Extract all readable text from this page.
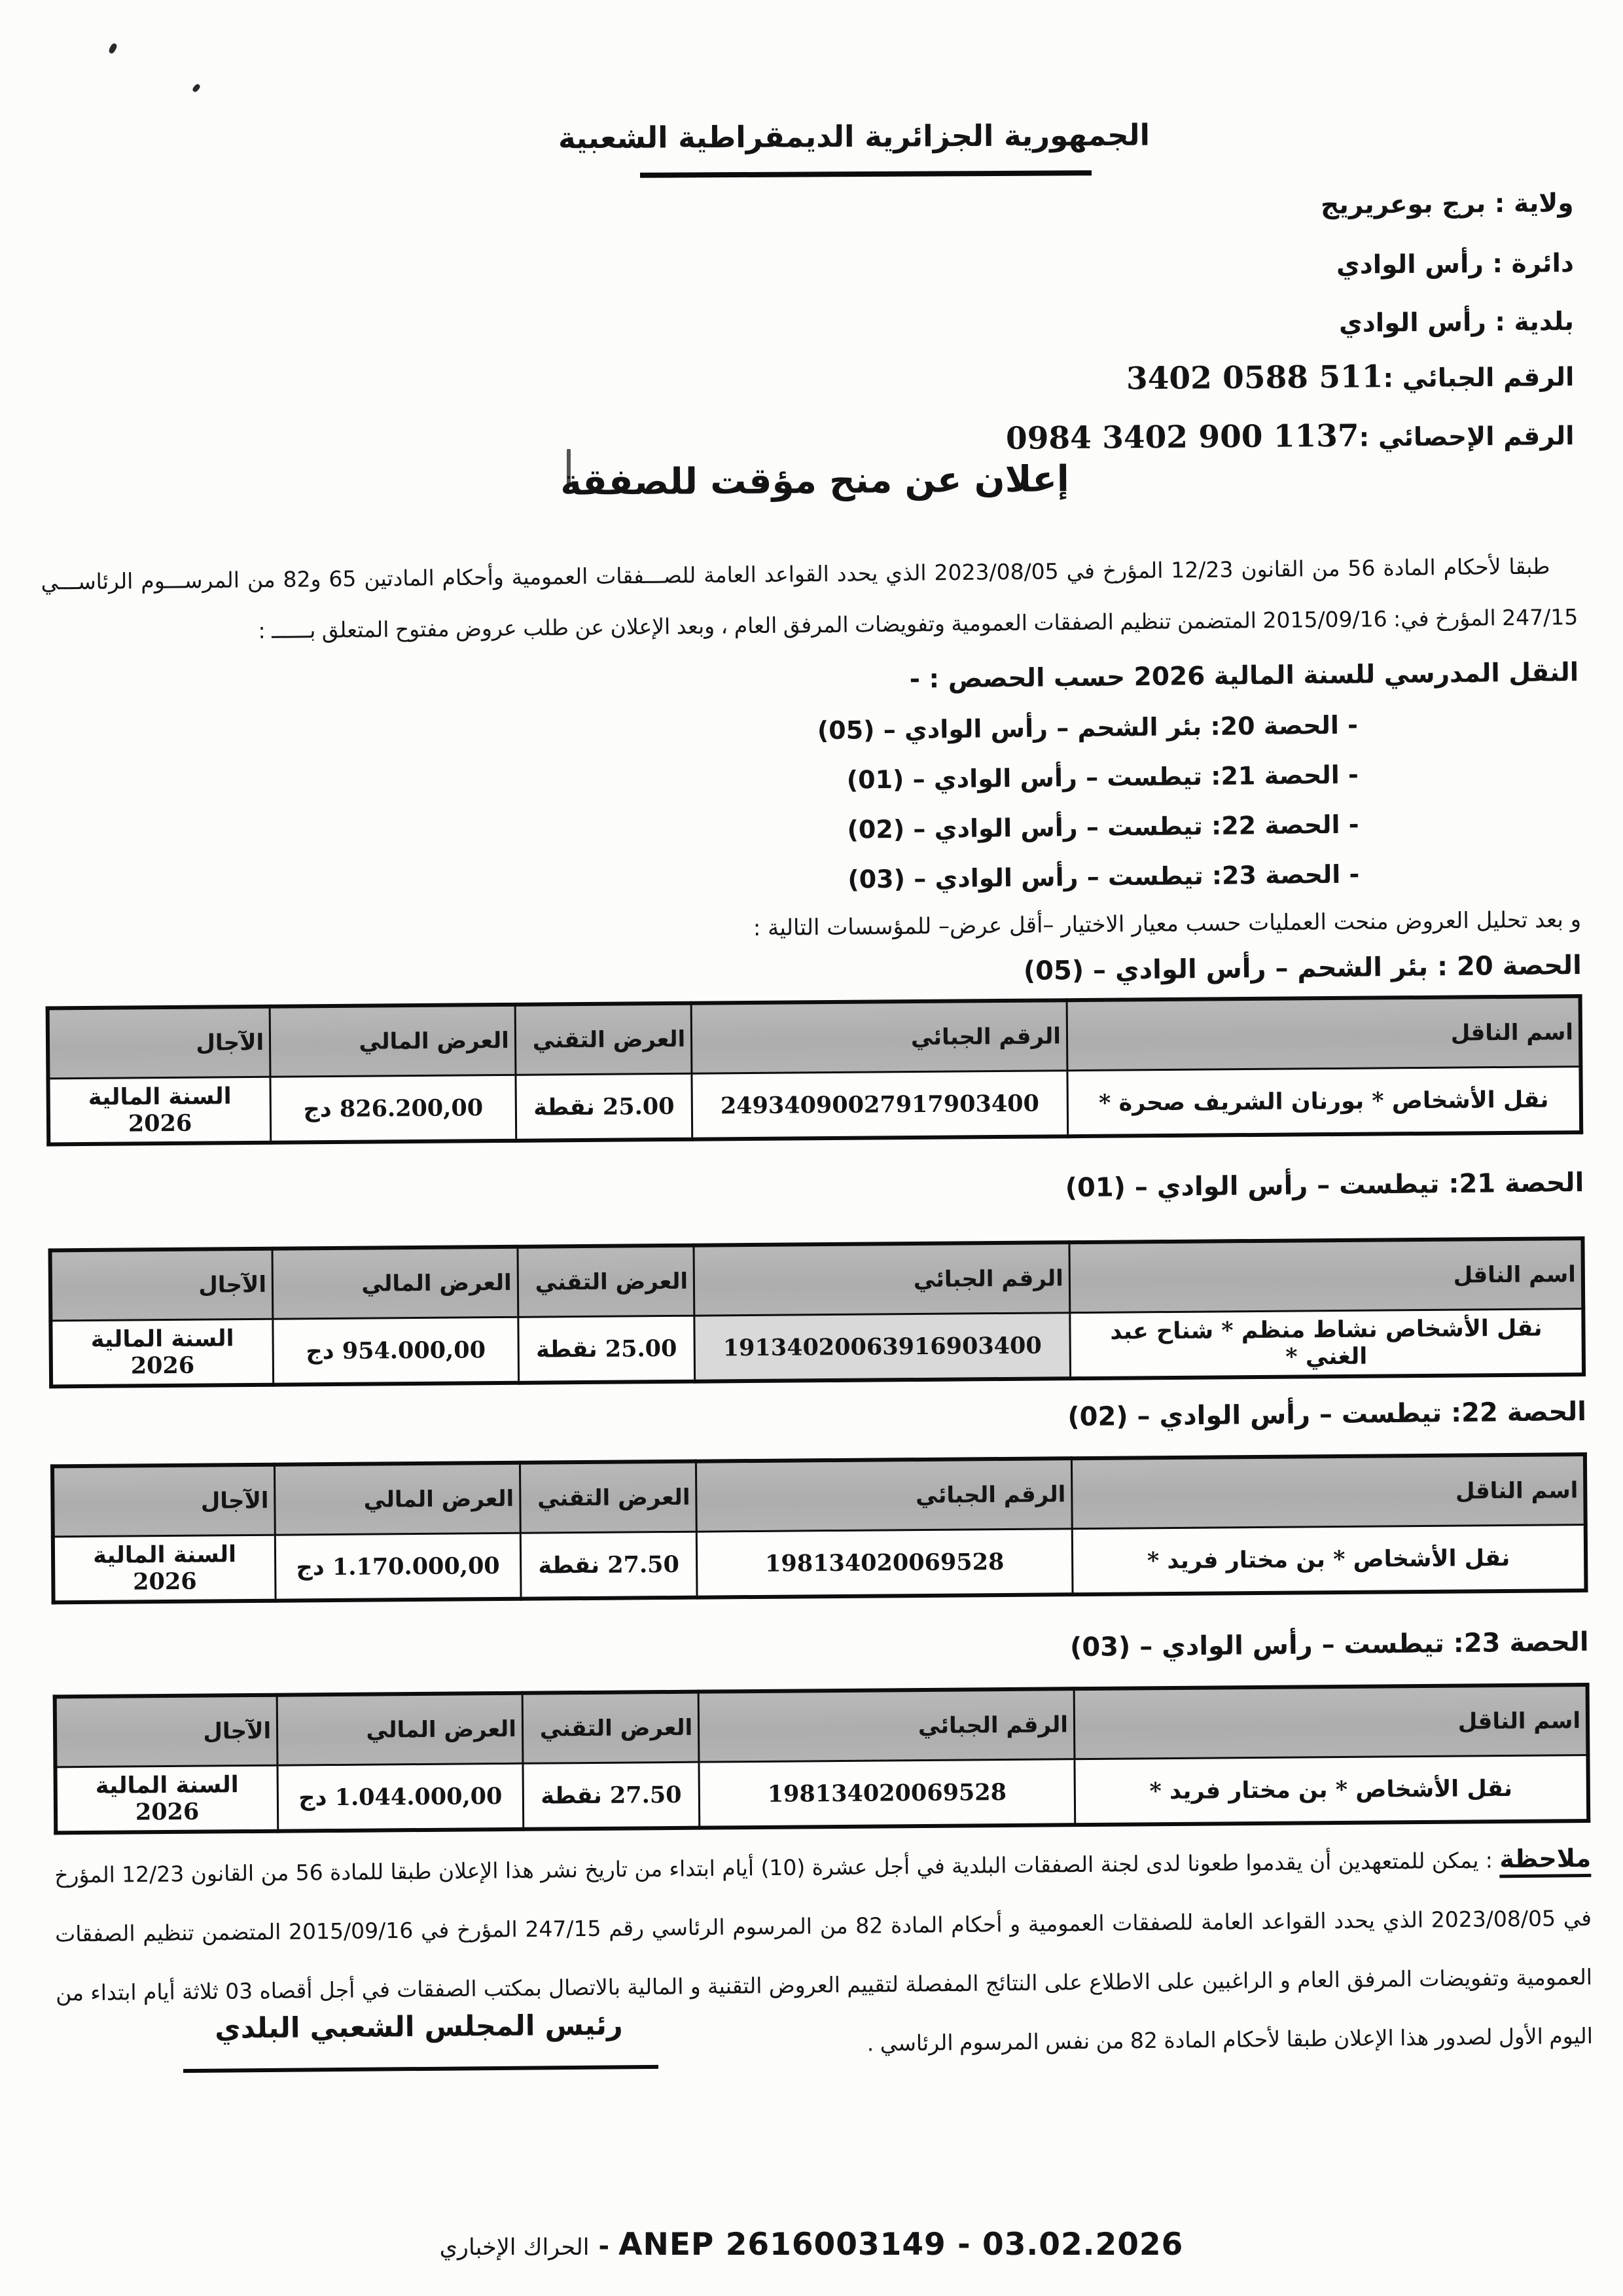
الجمهورية الجزائرية الديمقراطية الشعبية
ولاية : برج بوعريريج
دائرة : رأس الوادي
بلدية : رأس الوادي
الرقم الجبائي :3402 0588 511
الرقم الإحصائي :0984 3402 900 1137
إعلان عن منح مؤقت للصفقة

طبقا لأحكام المادة 56 من القانون 12/23 المؤرخ في 2023/08/05 الذي يحدد القواعد العامة للصـــفقات العمومية وأحكام المادتين 65 و82 من المرســـوم الرئاســـي 247/15 المؤرخ في: 2015/09/16 المتضمن تنظيم الصفقات العمومية وتفويضات المرفق العام ، وبعد الإعلان عن طلب عروض مفتوح المتعلق بــــــ :

النقل المدرسي للسنة المالية 2026 حسب الحصص : -
- الحصة 20: بئر الشحم – رأس الوادي – (05)
- الحصة 21: تيطست – رأس الوادي – (01)
- الحصة 22: تيطست – رأس الوادي – (02)
- الحصة 23: تيطست – رأس الوادي – (03)
و بعد تحليل العروض منحت العمليات حسب معيار الاختيار –أقل عرض– للمؤسسات التالية :
الحصة 20 : بئر الشحم – رأس الوادي – (05)
اسم الناقل	الرقم الجبائي	العرض التقني	العرض المالي	الآجال
نقل الأشخاص * بورنان الشريف صحرة *	24934090027917903400	25.00 نقطة	826.200,00 دج	السنة المالية 2026
الحصة 21: تيطست – رأس الوادي – (01)
اسم الناقل	الرقم الجبائي	العرض التقني	العرض المالي	الآجال
نقل الأشخاص نشاط منظم * شناح عبد الغني *	19134020063916903400	25.00 نقطة	954.000,00 دج	السنة المالية 2026
الحصة 22: تيطست – رأس الوادي – (02)
اسم الناقل	الرقم الجبائي	العرض التقني	العرض المالي	الآجال
نقل الأشخاص * بن مختار فريد *	198134020069528	27.50 نقطة	1.170.000,00 دج	السنة المالية 2026
الحصة 23: تيطست – رأس الوادي – (03)
اسم الناقل	الرقم الجبائي	العرض التقني	العرض المالي	الآجال
نقل الأشخاص * بن مختار فريد *	198134020069528	27.50 نقطة	1.044.000,00 دج	السنة المالية 2026

ملاحظة : يمكن للمتعهدين أن يقدموا طعونا لدى لجنة الصفقات البلدية في أجل عشرة (10) أيام ابتداء من تاريخ نشر هذا الإعلان طبقا للمادة 56 من القانون 12/23 المؤرخ في 2023/08/05 الذي يحدد القواعد العامة للصفقات العمومية و أحكام المادة 82 من المرسوم الرئاسي رقم 247/15 المؤرخ في 2015/09/16 المتضمن تنظيم الصفقات العمومية وتفويضات المرفق العام و الراغبين على الاطلاع على النتائج المفصلة لتقييم العروض التقنية و المالية بالاتصال بمكتب الصفقات في أجل أقصاه 03 ثلاثة أيام ابتداء من اليوم الأول لصدور هذا الإعلان طبقا لأحكام المادة 82 من نفس المرسوم الرئاسي .

رئيس المجلس الشعبي البلدي
ANEP 2616003149 - 03.02.2026-الحراك الإخباري
